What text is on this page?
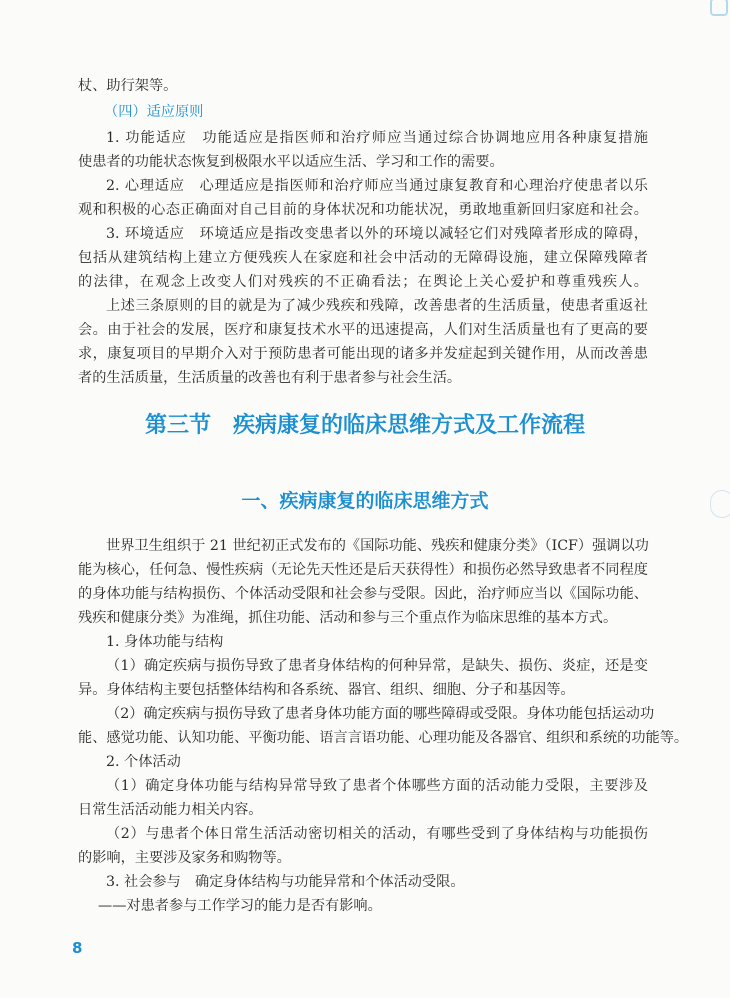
杖、助行架等。
（四）适应原则
1. 功能适应　功能适应是指医师和治疗师应当通过综合协调地应用各种康复措施
使患者的功能状态恢复到极限水平以适应生活、学习和工作的需要。
2. 心理适应　心理适应是指医师和治疗师应当通过康复教育和心理治疗使患者以乐
观和积极的心态正确面对自己目前的身体状况和功能状况，勇敢地重新回归家庭和社会。
3. 环境适应　环境适应是指改变患者以外的环境以减轻它们对残障者形成的障碍，
包括从建筑结构上建立方便残疾人在家庭和社会中活动的无障碍设施，建立保障残障者
的法律，在观念上改变人们对残疾的不正确看法；在舆论上关心爱护和尊重残疾人。
上述三条原则的目的就是为了减少残疾和残障，改善患者的生活质量，使患者重返社
会。由于社会的发展，医疗和康复技术水平的迅速提高，人们对生活质量也有了更高的要
求，康复项目的早期介入对于预防患者可能出现的诸多并发症起到关键作用，从而改善患
者的生活质量，生活质量的改善也有利于患者参与社会生活。
第三节　疾病康复的临床思维方式及工作流程
一、疾病康复的临床思维方式
世界卫生组织于 21 世纪初正式发布的《国际功能、残疾和健康分类》（ICF）强调以功
能为核心，任何急、慢性疾病（无论先天性还是后天获得性）和损伤必然导致患者不同程度
的身体功能与结构损伤、个体活动受限和社会参与受限。因此，治疗师应当以《国际功能、
残疾和健康分类》为准绳，抓住功能、活动和参与三个重点作为临床思维的基本方式。
1. 身体功能与结构
（1）确定疾病与损伤导致了患者身体结构的何种异常，是缺失、损伤、炎症，还是变
异。身体结构主要包括整体结构和各系统、器官、组织、细胞、分子和基因等。
（2）确定疾病与损伤导致了患者身体功能方面的哪些障碍或受限。身体功能包括运动功
能、感觉功能、认知功能、平衡功能、语言言语功能、心理功能及各器官、组织和系统的功能等。
2. 个体活动
（1）确定身体功能与结构异常导致了患者个体哪些方面的活动能力受限，主要涉及
日常生活活动能力相关内容。
（2）与患者个体日常生活活动密切相关的活动，有哪些受到了身体结构与功能损伤
的影响，主要涉及家务和购物等。
3. 社会参与　确定身体结构与功能异常和个体活动受限。
——对患者参与工作学习的能力是否有影响。
8
